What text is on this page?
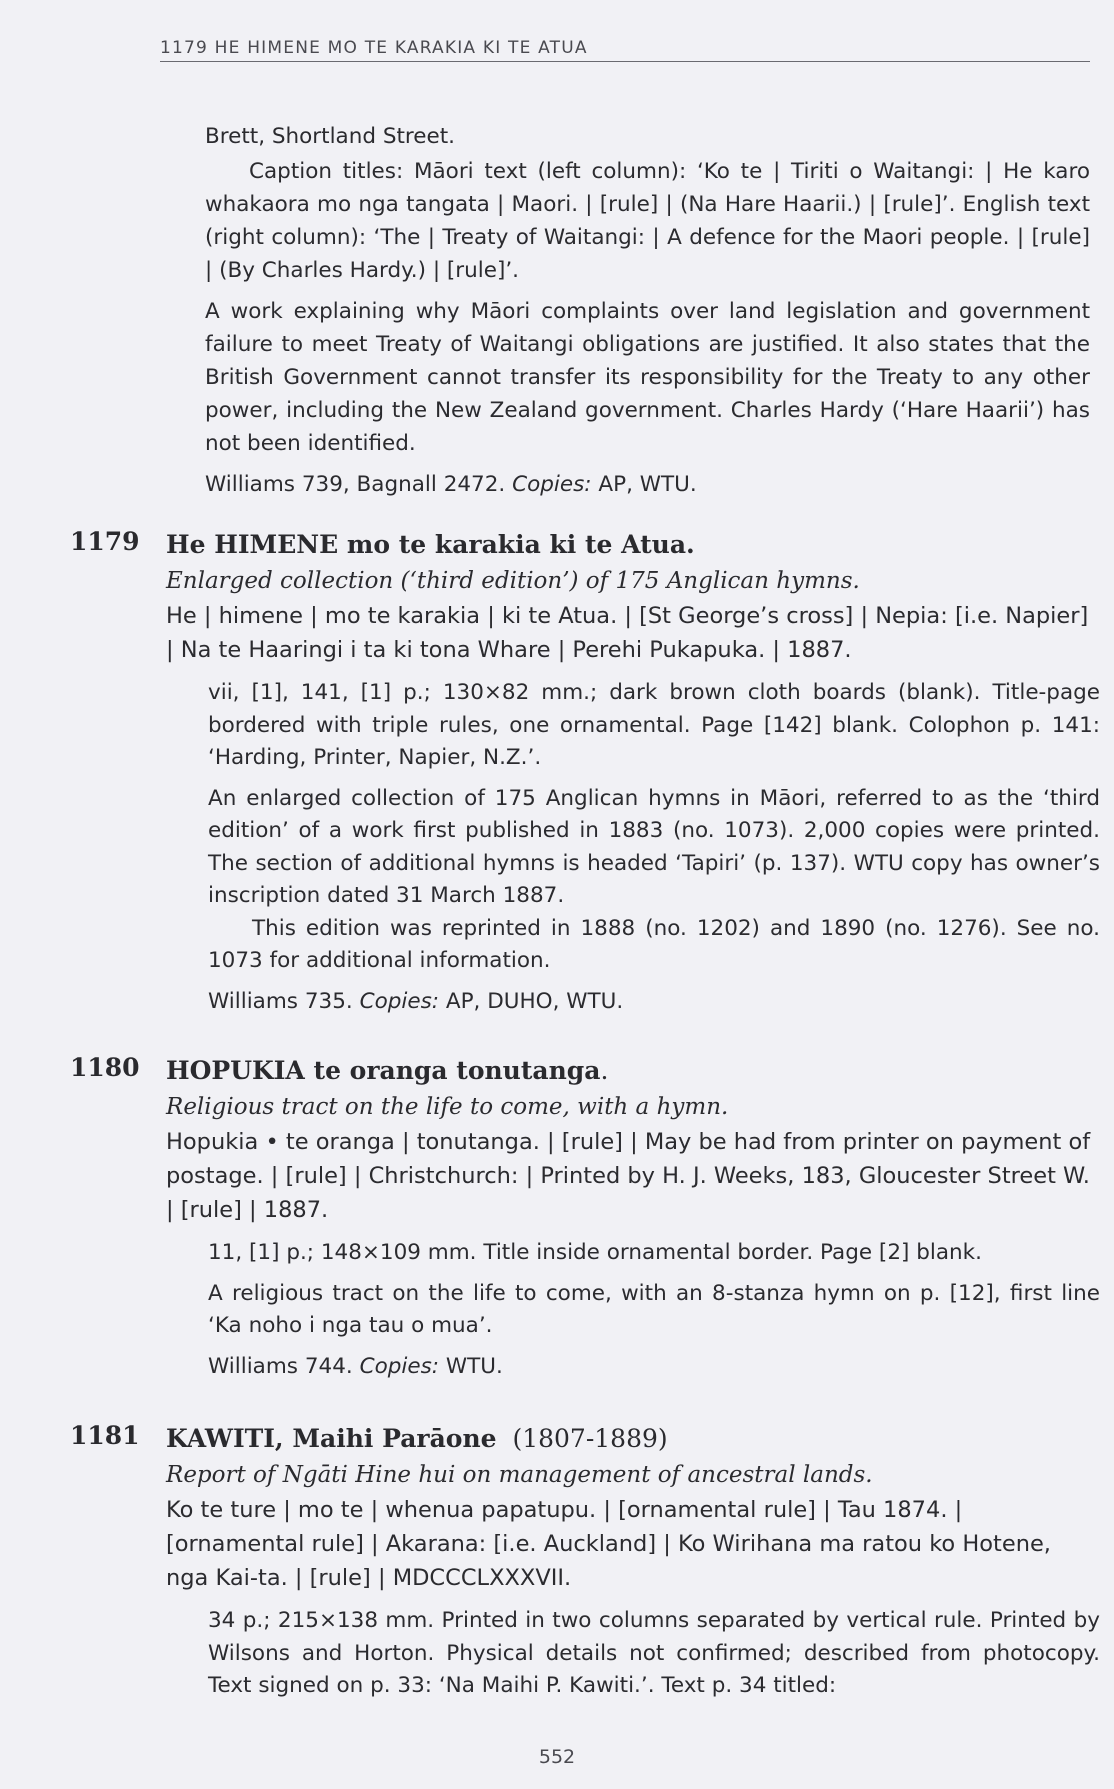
1179 HE HIMENE MO TE KARAKIA KI TE ATUA
Brett, Shortland Street.
Caption titles: Māori text (left column): ‘Ko te | Tiriti o Waitangi: | He karo whakaora mo nga tangata | Maori. | [rule] | (Na Hare Haarii.) | [rule]’. English text (right column): ‘The | Treaty of Waitangi: | A defence for the Maori people. | [rule] | (By Charles Hardy.) | [rule]’.
A work explaining why Māori complaints over land legislation and government failure to meet Treaty of Waitangi obligations are justified. It also states that the British Government cannot transfer its responsibility for the Treaty to any other power, including the New Zealand government. Charles Hardy (‘Hare Haarii’) has not been identified.
Williams 739, Bagnall 2472. Copies: AP, WTU.
1179 He HIMENE mo te karakia ki te Atua.
Enlarged collection (‘third edition’) of 175 Anglican hymns.
He | himene | mo te karakia | ki te Atua. | [St George’s cross] | Nepia: [i.e. Napier] | Na te Haaringi i ta ki tona Whare | Perehi Pukapuka. | 1887.
vii, [1], 141, [1] p.; 130×82 mm.; dark brown cloth boards (blank). Title-page bordered with triple rules, one ornamental. Page [142] blank. Colophon p. 141: ‘Harding, Printer, Napier, N.Z.’.
An enlarged collection of 175 Anglican hymns in Māori, referred to as the ‘third edition’ of a work first published in 1883 (no. 1073). 2,000 copies were printed. The section of additional hymns is headed ‘Tapiri’ (p. 137). WTU copy has owner’s inscription dated 31 March 1887.
This edition was reprinted in 1888 (no. 1202) and 1890 (no. 1276). See no. 1073 for additional information.
Williams 735. Copies: AP, DUHO, WTU.
1180 HOPUKIA te oranga tonutanga.
Religious tract on the life to come, with a hymn.
Hopukia • te oranga | tonutanga. | [rule] | May be had from printer on payment of postage. | [rule] | Christchurch: | Printed by H. J. Weeks, 183, Gloucester Street W. | [rule] | 1887.
11, [1] p.; 148×109 mm. Title inside ornamental border. Page [2] blank.
A religious tract on the life to come, with an 8-stanza hymn on p. [12], first line ‘Ka noho i nga tau o mua’.
Williams 744. Copies: WTU.
1181 KAWITI, Maihi Parāone  (1807-1889)
Report of Ngāti Hine hui on management of ancestral lands.
Ko te ture | mo te | whenua papatupu. | [ornamental rule] | Tau 1874. | [ornamental rule] | Akarana: [i.e. Auckland] | Ko Wirihana ma ratou ko Hotene, nga Kai-ta. | [rule] | MDCCCLXXXVII.
34 p.; 215×138 mm. Printed in two columns separated by vertical rule. Printed by Wilsons and Horton. Physical details not confirmed; described from photocopy. Text signed on p. 33: ‘Na Maihi P. Kawiti.’. Text p. 34 titled:
552
